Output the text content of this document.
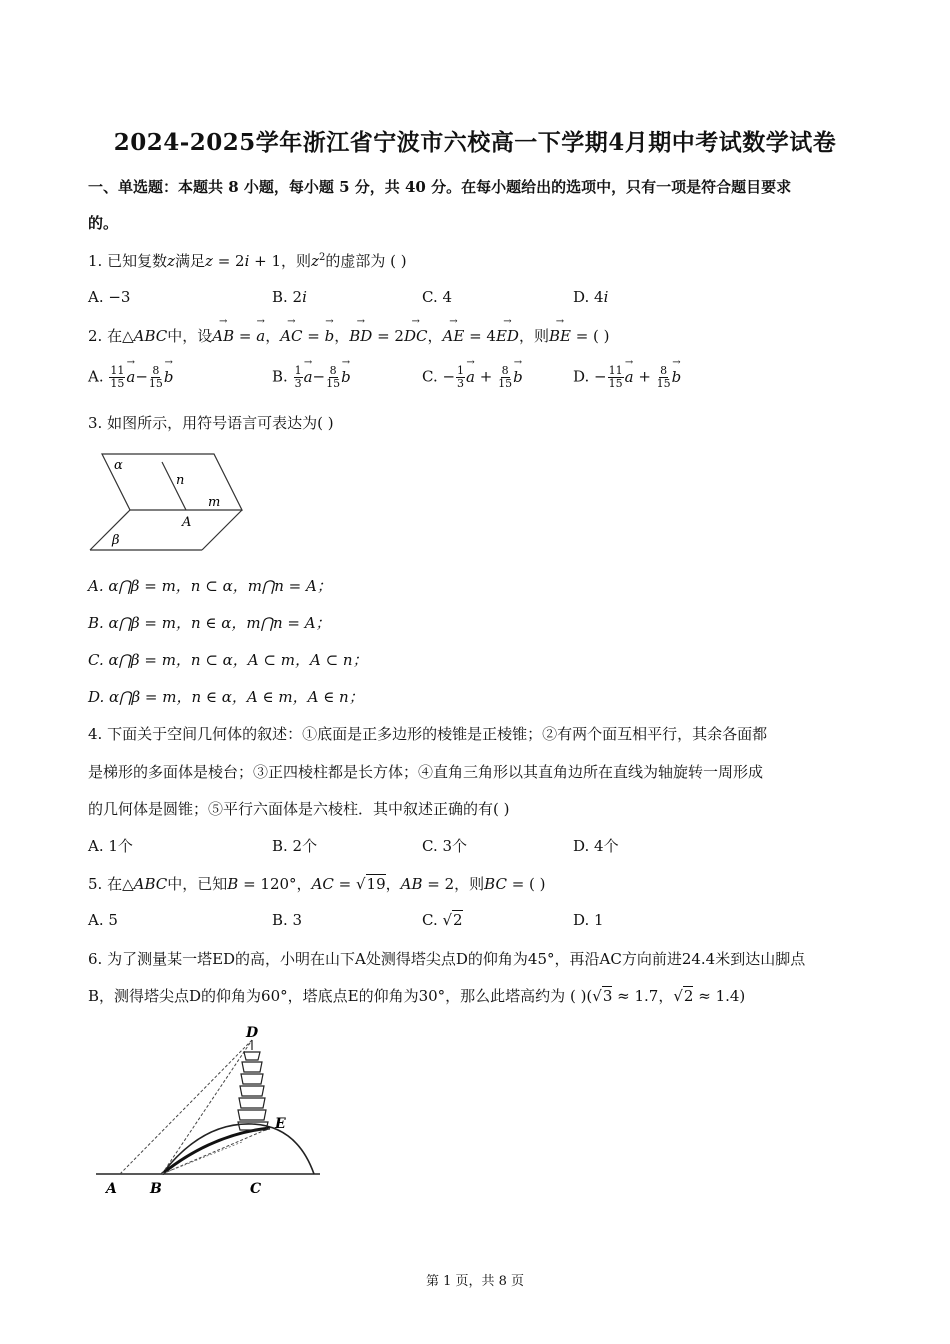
2024-2025学年浙江省宁波市六校高一下学期4月期中考试数学试卷
一、单选题：本题共 8 小题，每小题 5 分，共 40 分。在每小题给出的选项中，只有一项是符合题目要求
的。
1. 已知复数z满足z = 2i + 1，则$z^2$的虚部为 ( )
A. −3	B. 2i	C. 4	D. 4i
2. 在△ABC中，设→ AB = → a，→ AC = → b，→ BD = 2→ DC，→ AE = 4→ ED，则→ BE = ( )
A. $\frac{11}{15}$
→ $a- \frac{8}{15}$
→ b	B. $\frac{1}{3}$
→ $a- \frac{8}{15}$
→ b	C. − $\frac{1}{3}$
→ $a + \frac{8}{15}$
→ b	D. − $\frac{11}{15}$
→ $a + \frac{8}{15}$
→ b
3. 如图所示，用符号语言可表达为( )
α
n
m
A
β
A. α⋂β = m，n ⊂ α，m⋂n = A；
B. α⋂β = m，n ∈ α，m⋂n = A；
C. α⋂β = m，n ⊂ α，A ⊂ m，A ⊂ n；
D. α⋂β = m，n ∈ α，A ∈ m，A ∈ n；
4. 下面关于空间几何体的叙述：①底面是正多边形的棱锥是正棱锥；②有两个面互相平行，其余各面都
是梯形的多面体是棱台；③正四棱柱都是长方体；④直角三角形以其直角边所在直线为轴旋转一周形成
的几何体是圆锥；⑤平行六面体是六棱柱．其中叙述正确的有( )
A. 1个	B. 2个	C. 3个	D. 4个
5. 在△ABC中，已知B = 120°，AC = √19，AB = 2，则BC = ( )
A. 5	B. 3	C. √2	D. 1
6. 为了测量某一塔ED的高，小明在山下A处测得塔尖点D的仰角为45°，再沿AC方向前进24.4米到达山脚点
B，测得塔尖点D的仰角为60°，塔底点E的仰角为30°，那么此塔高约为 ( )(√3 ≈ 1.7，√2 ≈ 1.4)
D
E
A B	C
第 1 页，共 8 页
